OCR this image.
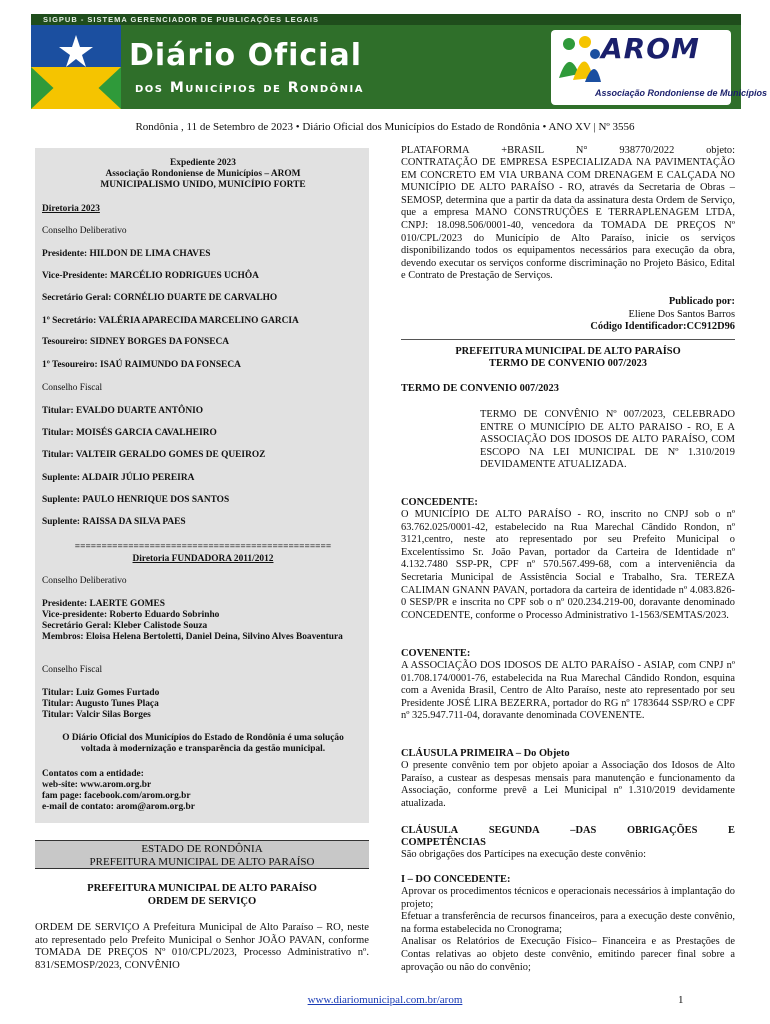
SIGPUB - SISTEMA GERENCIADOR DE PUBLICAÇÕES LEGAIS
Diário Oficial
dos Municípios de Rondônia
AROM
Associação Rondoniense de Municípios
Rondônia , 11 de Setembro de 2023 • Diário Oficial dos Municípios do Estado de Rondônia • ANO XV | Nº 3556
Expediente 2023
Associação Rondoniense de Municípios – AROM
MUNICIPALISMO UNIDO, MUNICÍPIO FORTE
Diretoria 2023
Conselho Deliberativo
Presidente: HILDON DE LIMA CHAVES
Vice-Presidente: MARCÉLIO RODRIGUES UCHÔA
Secretário Geral: CORNÉLIO DUARTE DE CARVALHO
1º Secretário: VALÉRIA APARECIDA MARCELINO GARCIA
Tesoureiro: SIDNEY BORGES DA FONSECA
1º Tesoureiro: ISAÚ RAIMUNDO DA FONSECA
Conselho Fiscal
Titular: EVALDO DUARTE ANTÔNIO
Titular: MOISÉS GARCIA CAVALHEIRO
Titular: VALTEIR GERALDO GOMES DE QUEIROZ
Suplente: ALDAIR JÚLIO PEREIRA
Suplente: PAULO HENRIQUE DOS SANTOS
Suplente: RAISSA DA SILVA PAES
================================================
Diretoria FUNDADORA 2011/2012
Conselho Deliberativo
Presidente: LAERTE GOMES
Vice-presidente: Roberto Eduardo Sobrinho
Secretário Geral: Kleber Calistode Souza
Membros: Eloisa Helena Bertoletti, Daniel Deina, Silvino Alves Boaventura
Conselho Fiscal
Titular: Luiz Gomes Furtado
Titular: Augusto Tunes Plaça
Titular: Valcir Silas Borges
O Diário Oficial dos Municípios do Estado de Rondônia é uma solução voltada à modernização e transparência da gestão municipal.
Contatos com a entidade:
web-site: www.arom.org.br
fam page: facebook.com/arom.org.br
e-mail de contato: arom@arom.org.br
ESTADO DE RONDÔNIA
PREFEITURA MUNICIPAL DE ALTO PARAÍSO
PREFEITURA MUNICIPAL DE ALTO PARAÍSO
ORDEM DE SERVIÇO
ORDEM DE SERVIÇO A Prefeitura Municipal de Alto Paraíso – RO, neste ato representado pelo Prefeito Municipal o Senhor JOÃO PAVAN, conforme TOMADA DE PREÇOS Nº 010/CPL/2023, Processo Administrativo nº. 831/SEMOSP/2023, CONVÊNIO
PLATAFORMA	+BRASIL	N°	938770/2022	objeto:
CONTRATAÇÃO DE EMPRESA ESPECIALIZADA NA PAVIMENTAÇÃO EM CONCRETO EM VIA URBANA COM DRENAGEM E CALÇADA NO MUNICÍPIO DE ALTO PARAÍSO - RO, através da Secretaria de Obras – SEMOSP, determina que a partir da data da assinatura desta Ordem de Serviço, que a empresa MANO CONSTRUÇÕES E TERRAPLENAGEM LTDA, CNPJ: 18.098.506/0001-40, vencedora da TOMADA DE PREÇOS Nº 010/CPL/2023 do Município de Alto Paraíso, inicie os serviços disponibilizando todos os equipamentos necessários para execução da obra, devendo executar os serviços conforme discriminação no Projeto Básico, Edital e Contrato de Prestação de Serviços.
Publicado por:
Eliene Dos Santos Barros
Código Identificador:CC912D96
PREFEITURA MUNICIPAL DE ALTO PARAÍSO
TERMO DE CONVENIO 007/2023
TERMO DE CONVENIO 007/2023
TERMO DE CONVÊNIO Nº 007/2023, CELEBRADO ENTRE O MUNICÍPIO DE ALTO PARAISO - RO, E A ASSOCIAÇÃO DOS IDOSOS DE ALTO PARAÍSO, COM ESCOPO NA LEI MUNICIPAL DE Nº 1.310/2019 DEVIDAMENTE ATUALIZADA.
CONCEDENTE:
O MUNICÍPIO DE ALTO PARAÍSO - RO, inscrito no CNPJ sob o nº 63.762.025/0001-42, estabelecido na Rua Marechal Cândido Rondon, nº 3121,centro, neste ato representado por seu Prefeito Municipal o Excelentíssimo Sr. João Pavan, portador da Carteira de Identidade nº 4.132.7480 SSP-PR, CPF nº 570.567.499-68, com a interveniência da Secretaria Municipal de Assistência Social e Trabalho, Sra. TEREZA CALIMAN GNANN PAVAN, portadora da carteira de identidade nº 4.083.826-0 SESP/PR e inscrita no CPF sob o nº 020.234.219-00, doravante denominado CONCEDENTE, conforme o Processo Administrativo 1-1563/SEMTAS/2023.
COVENENTE:
A ASSOCIAÇÃO DOS IDOSOS DE ALTO PARAÍSO - ASIAP, com CNPJ nº 01.708.174/0001-76, estabelecida na Rua Marechal Cândido Rondon, esquina com a Avenida Brasil, Centro de Alto Paraíso, neste ato representado por seu Presidente JOSÉ LIRA BEZERRA, portador do RG nº 1783644 SSP/RO e CPF nº 325.947.711-04, doravante denominada COVENENTE.
CLÁUSULA PRIMEIRA – Do Objeto
O presente convênio tem por objeto apoiar a Associação dos Idosos de Alto Paraíso, a custear as despesas mensais para manutenção e funcionamento da Associação, conforme prevê a Lei Municipal nº 1.310/2019 devidamente atualizada.
CLÁUSULA	SEGUNDA	–DAS	OBRIGAÇÕES	E
COMPETÊNCIAS
São obrigações dos Partícipes na execução deste convênio:
I – DO CONCEDENTE:
Aprovar os procedimentos técnicos e operacionais necessários à implantação do projeto;
Efetuar a transferência de recursos financeiros, para a execução deste convênio, na forma estabelecida no Cronograma;
Analisar os Relatórios de Execução Físico– Financeira e as Prestações de Contas relativas ao objeto deste convênio, emitindo parecer final sobre a aprovação ou não do convênio;
www.diariomunicipal.com.br/arom	1
